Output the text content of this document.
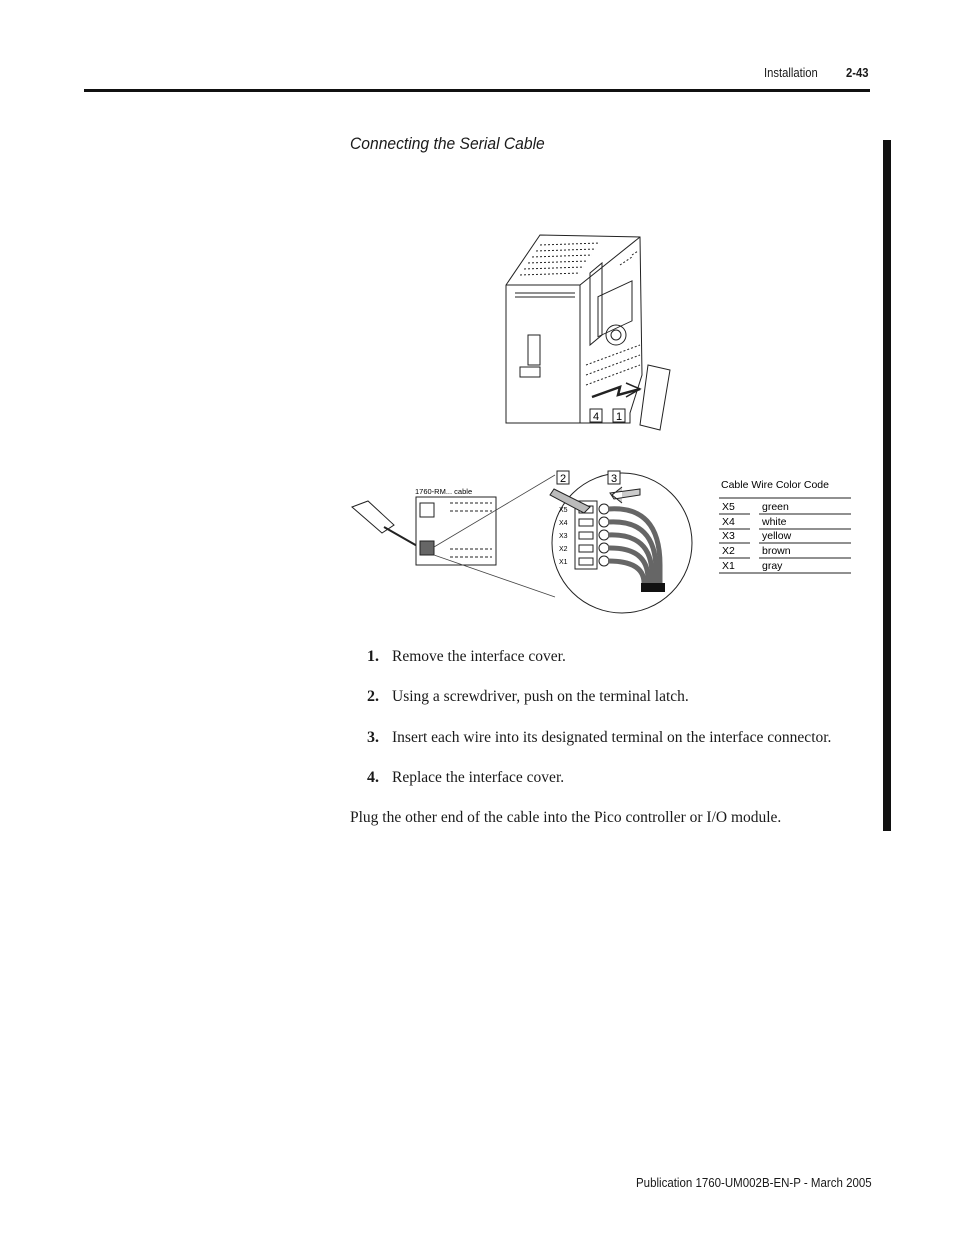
Installation 2-43
Connecting the Serial Cable
4 1
1760-RM... cable
X5
X4
X3
X2
X1
2	3	Cable Wire Color Code
X5	green
X4	white
X3	yellow
X2	brown
X1	gray
1. Remove the interface cover.
2. Using a screwdriver, push on the terminal latch.
3. Insert each wire into its designated terminal on the interface connector.
4. Replace the interface cover.
Plug the other end of the cable into the Pico controller or I/O module.
Publication 1760-UM002B-EN-P - March 2005
